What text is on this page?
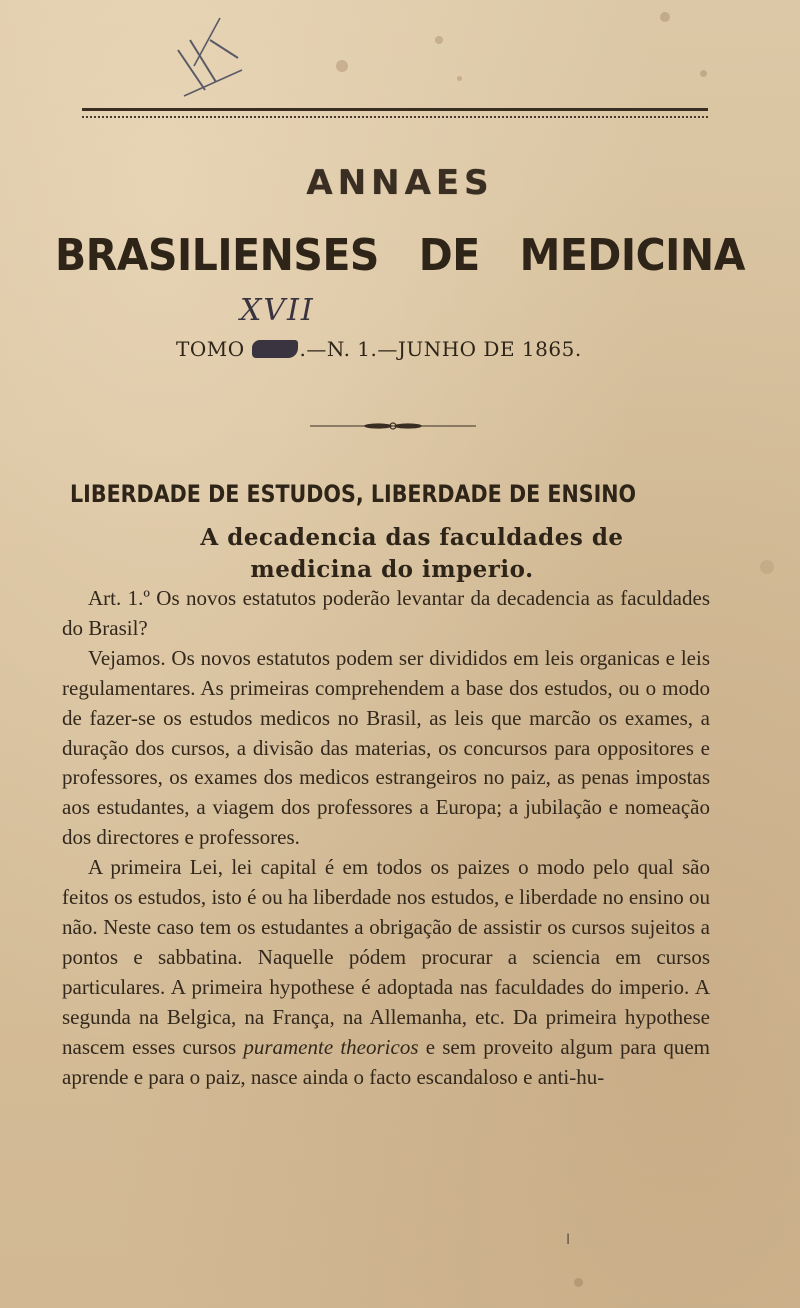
ANNAES
BRASILIENSES DE MEDICINA
XVII
TOMO	.—N. 1.—JUNHO DE 1865.
LIBERDADE DE ESTUDOS, LIBERDADE DE ENSINO
A decadencia das faculdades de
medicina do imperio.

Art. 1.º Os novos estatutos poderão levantar da decadencia as faculdades do Brasil?

Vejamos. Os novos estatutos podem ser divididos em leis organicas e leis regulamentares. As primeiras comprehendem a base dos estudos, ou o modo de fazer-se os estudos medicos no Brasil, as leis que marcão os exames, a duração dos cursos, a divisão das materias, os concursos para oppositores e professores, os exames dos medicos estrangeiros no paiz, as penas impostas aos estudantes, a viagem dos professores a Europa; a jubilação e nomeação dos directores e professores.

A primeira Lei, lei capital é em todos os paizes o modo pelo qual são feitos os estudos, isto é ou ha liberdade nos estudos, e liberdade no ensino ou não. Neste caso tem os estudantes a obrigação de assistir os cursos sujeitos a pontos e sabbatina. Naquelle pódem procurar a sciencia em cursos particulares. A primeira hypothese é adoptada nas faculdades do imperio. A segunda na Belgica, na França, na Allemanha, etc. Da primeira hypothese nascem esses cursos puramente theoricos e sem proveito algum para quem aprende e para o paiz, nasce ainda o facto escandaloso e anti-hu-

ǀ
